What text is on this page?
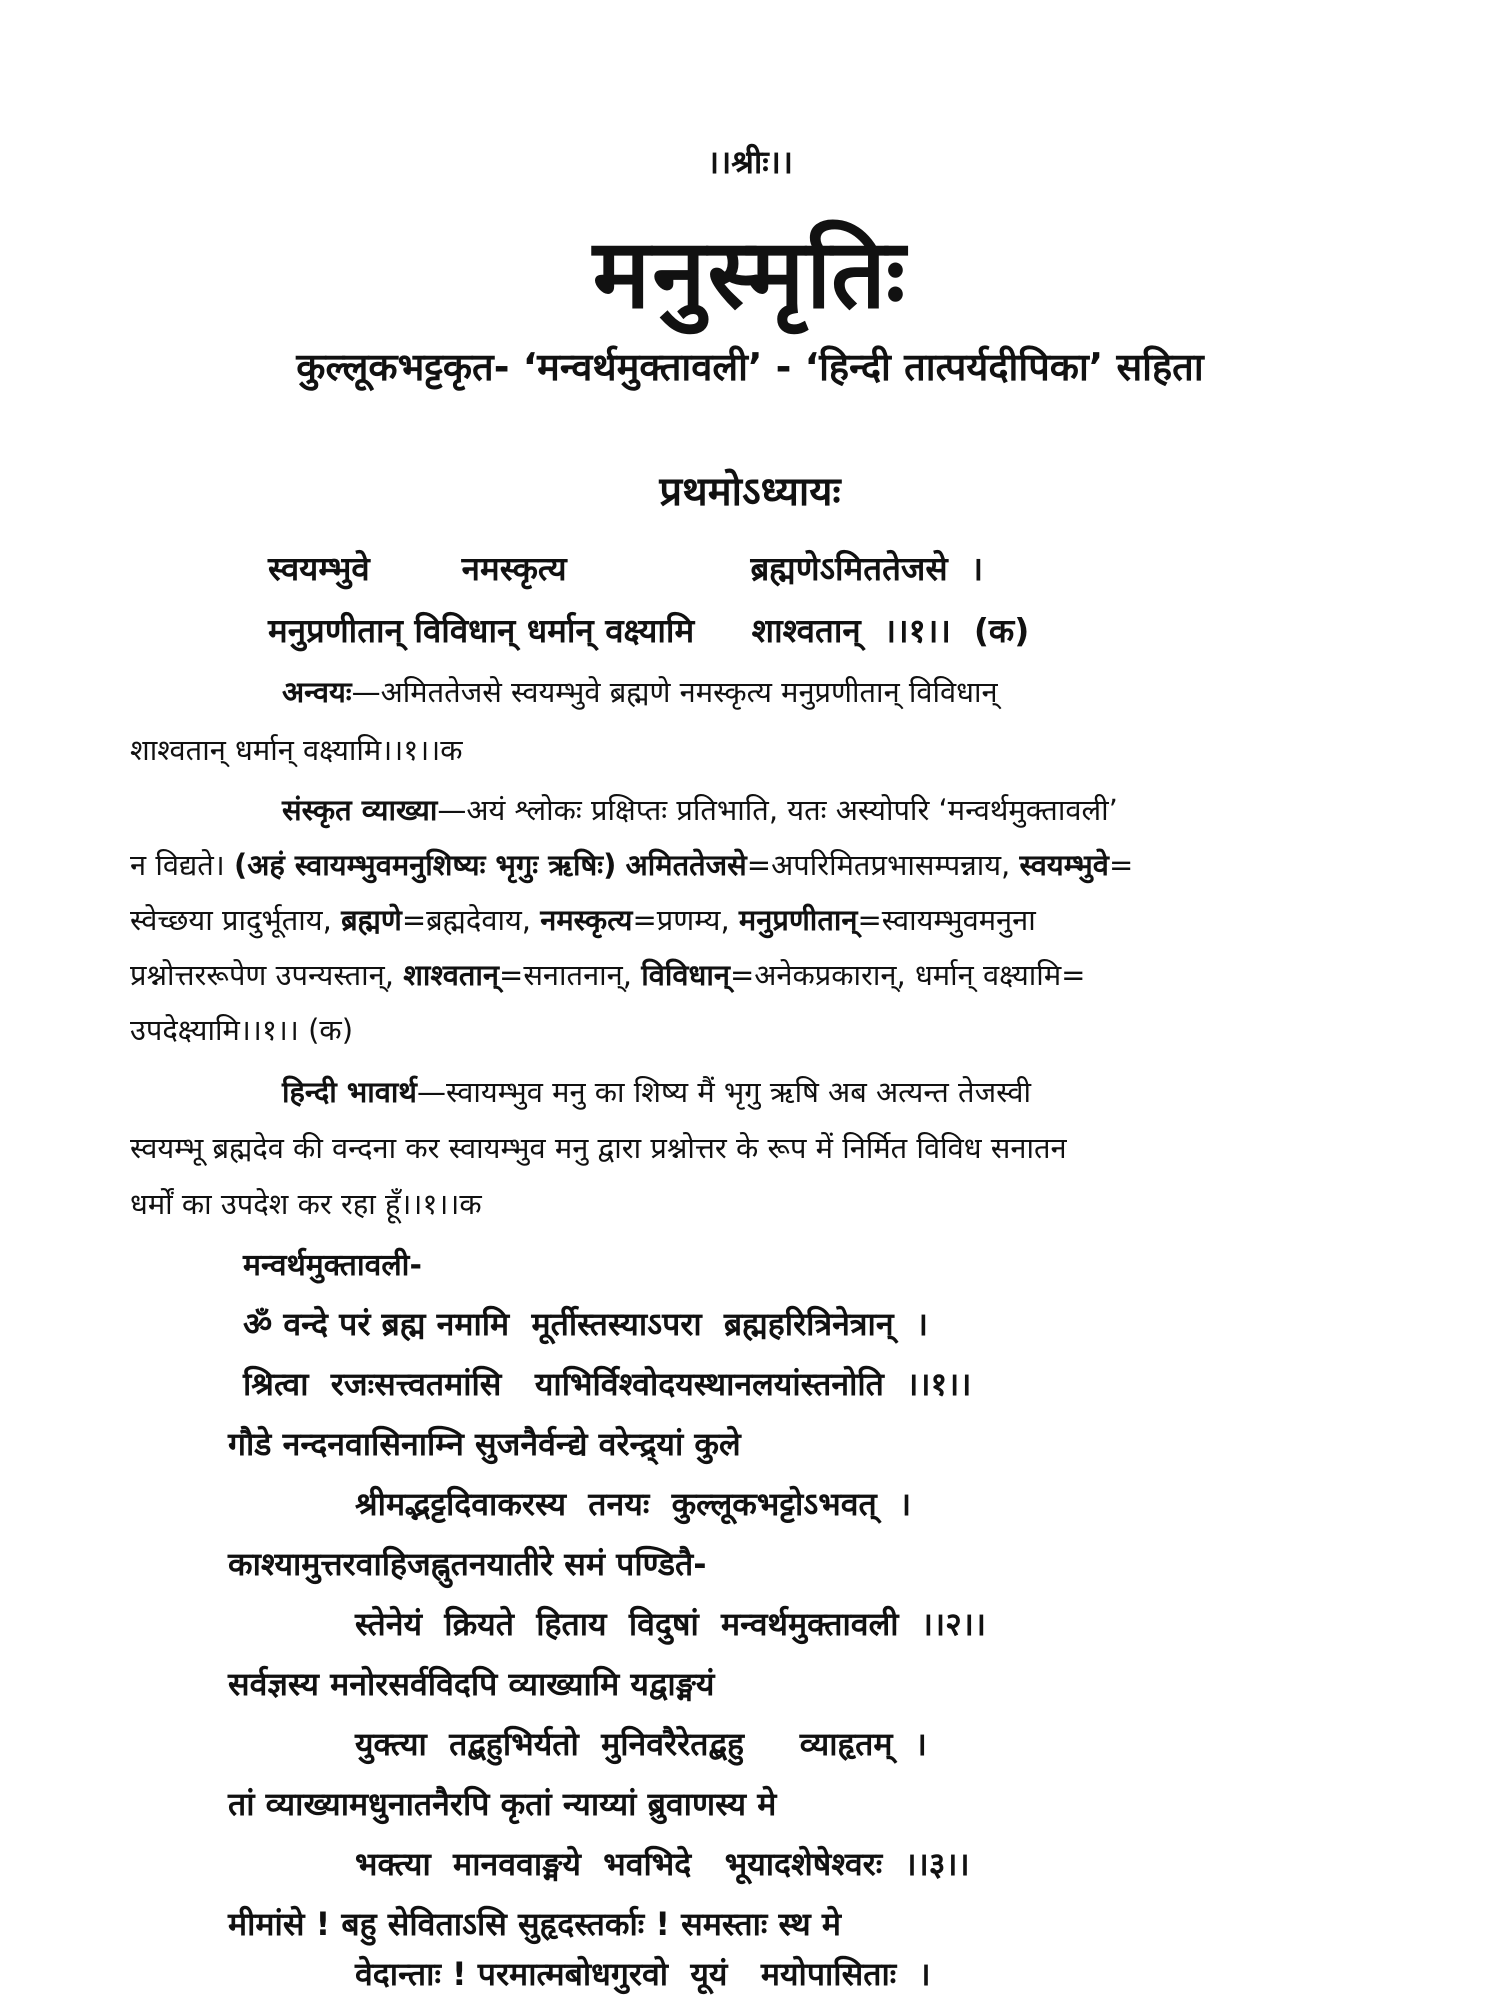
।।श्रीः।।
मनुस्मृतिः
कुल्लूकभट्टकृत- ‘मन्वर्थमुक्तावली’ - ‘हिन्दी तात्पर्यदीपिका’ सहिता
प्रथमोऽध्यायः
स्वयम्भुवे        नमस्कृत्य                ब्रह्मणेऽमिततेजसे  ।
मनुप्रणीतान् विविधान् धर्मान् वक्ष्यामि     शाश्वतान्  ।।१।।  (क)
अन्वयः—अमिततेजसे स्वयम्भुवे ब्रह्मणे नमस्कृत्य मनुप्रणीतान् विविधान्
शाश्वतान् धर्मान् वक्ष्यामि।।१।।क
संस्कृत व्याख्या—अयं श्लोकः प्रक्षिप्तः प्रतिभाति, यतः अस्योपरि ‘मन्वर्थमुक्तावली’
न विद्यते। (अहं स्वायम्भुवमनुशिष्यः भृगुः ऋषिः) अमिततेजसे=अपरिमितप्रभासम्पन्नाय, स्वयम्भुवे=
स्वेच्छया प्रादुर्भूताय, ब्रह्मणे=ब्रह्मदेवाय, नमस्कृत्य=प्रणम्य, मनुप्रणीतान्=स्वायम्भुवमनुना
प्रश्नोत्तररूपेण उपन्यस्तान्, शाश्वतान्=सनातनान्, विविधान्=अनेकप्रकारान्, धर्मान् वक्ष्यामि=
उपदेक्ष्यामि।।१।। (क)
हिन्दी भावार्थ—स्वायम्भुव मनु का शिष्य मैं भृगु ऋषि अब अत्यन्त तेजस्वी
स्वयम्भू ब्रह्मदेव की वन्दना कर स्वायम्भुव मनु द्वारा प्रश्नोत्तर के रूप में निर्मित विविध सनातन
धर्मों का उपदेश कर रहा हूँ।।१।।क
मन्वर्थमुक्तावली-
ॐ वन्दे परं ब्रह्म नमामि  मूर्तीस्तस्याऽपरा  ब्रह्महरित्रिनेत्रान्  ।
श्रित्वा  रजःसत्त्वतमांसि   याभिर्विश्वोदयस्थानलयांस्तनोति  ।।१।।
गौडे नन्दनवासिनाम्नि सुजनैर्वन्द्ये वरेन्द्र्यां कुले
श्रीमद्भट्टदिवाकरस्य  तनयः  कुल्लूकभट्टोऽभवत्  ।
काश्यामुत्तरवाहिजह्नुतनयातीरे समं पण्डितै-
स्तेनेयं  क्रियते  हिताय  विदुषां  मन्वर्थमुक्तावली  ।।२।।
सर्वज्ञस्य मनोरसर्वविदपि व्याख्यामि यद्वाङ्मयं
युक्त्या  तद्बहुभिर्यतो  मुनिवरैरेतद्बहु     व्याहृतम्  ।
तां व्याख्यामधुनातनैरपि कृतां न्याय्यां ब्रुवाणस्य मे
भक्त्या  मानववाङ्मये  भवभिदे   भूयादशेषेश्वरः  ।।३।।
मीमांसे ! बहु सेविताऽसि सुहृदस्तर्काः ! समस्ताः स्थ मे
वेदान्ताः ! परमात्मबोधगुरवो  यूयं   मयोपासिताः  ।
